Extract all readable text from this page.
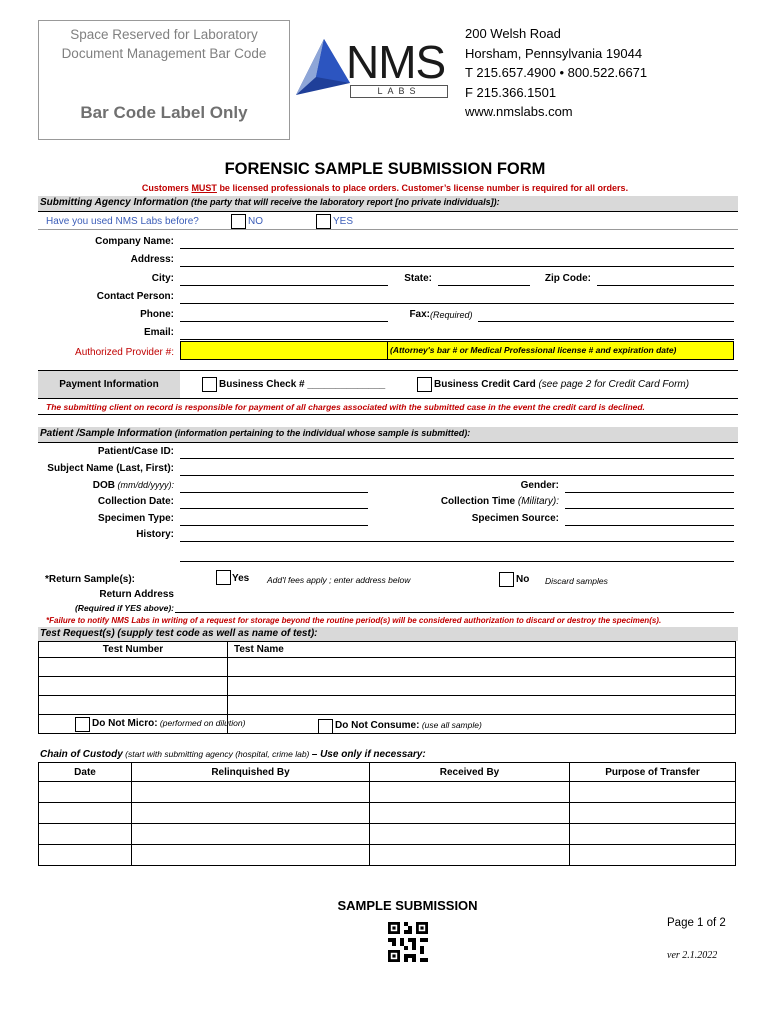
Space Reserved for Laboratory
Document Management Bar Code
Bar Code Label Only
NMS
LABS
200 Welsh Road
Horsham, Pennsylvania 19044
T 215.657.4900 • 800.522.6671
F 215.366.1501
www.nmslabs.com
FORENSIC SAMPLE SUBMISSION FORM
Customers MUST be licensed professionals to place orders. Customer’s license number is required for all orders.
Submitting Agency Information (the party that will receive the laboratory report [no private individuals]):
Have you used NMS Labs before?	NO	YES
Company Name:
Address:
City:	State:	Zip Code:
Contact Person:
Phone:	Fax: (Required)
Email:
Authorized Provider #:	(Attorney's bar # or Medical Professional license # and expiration date)
Payment Information	Business Check # ______________	Business Credit Card (see page 2 for Credit Card Form)
The submitting client on record is responsible for payment of all charges associated with the submitted case in the event the credit card is declined.
Patient /Sample Information (information pertaining to the individual whose sample is submitted):
Patient/Case ID:
Subject Name (Last, First):
DOB (mm/dd/yyyy):	Gender:
Collection Date:	Collection Time (Military):
Specimen Type:	Specimen Source:
History:
*Return Sample(s):	Yes Add'l fees apply ; enter address below	No Discard samples
Return Address
(Required if YES above):
*Failure to notify NMS Labs in writing of a request for storage beyond the routine period(s) will be considered authorization to discard or destroy the specimen(s).
Test Request(s) (supply test code as well as name of test):
Test Number	Test Name

Do Not Micro: (performed on dilution)	Do Not Consume: (use all sample)
Chain of Custody (start with submitting agency (hospital, crime lab) – Use only if necessary:
Date	Relinquished By	Received By	Purpose of Transfer

SAMPLE SUBMISSION
Page 1 of 2
ver 2.1.2022
